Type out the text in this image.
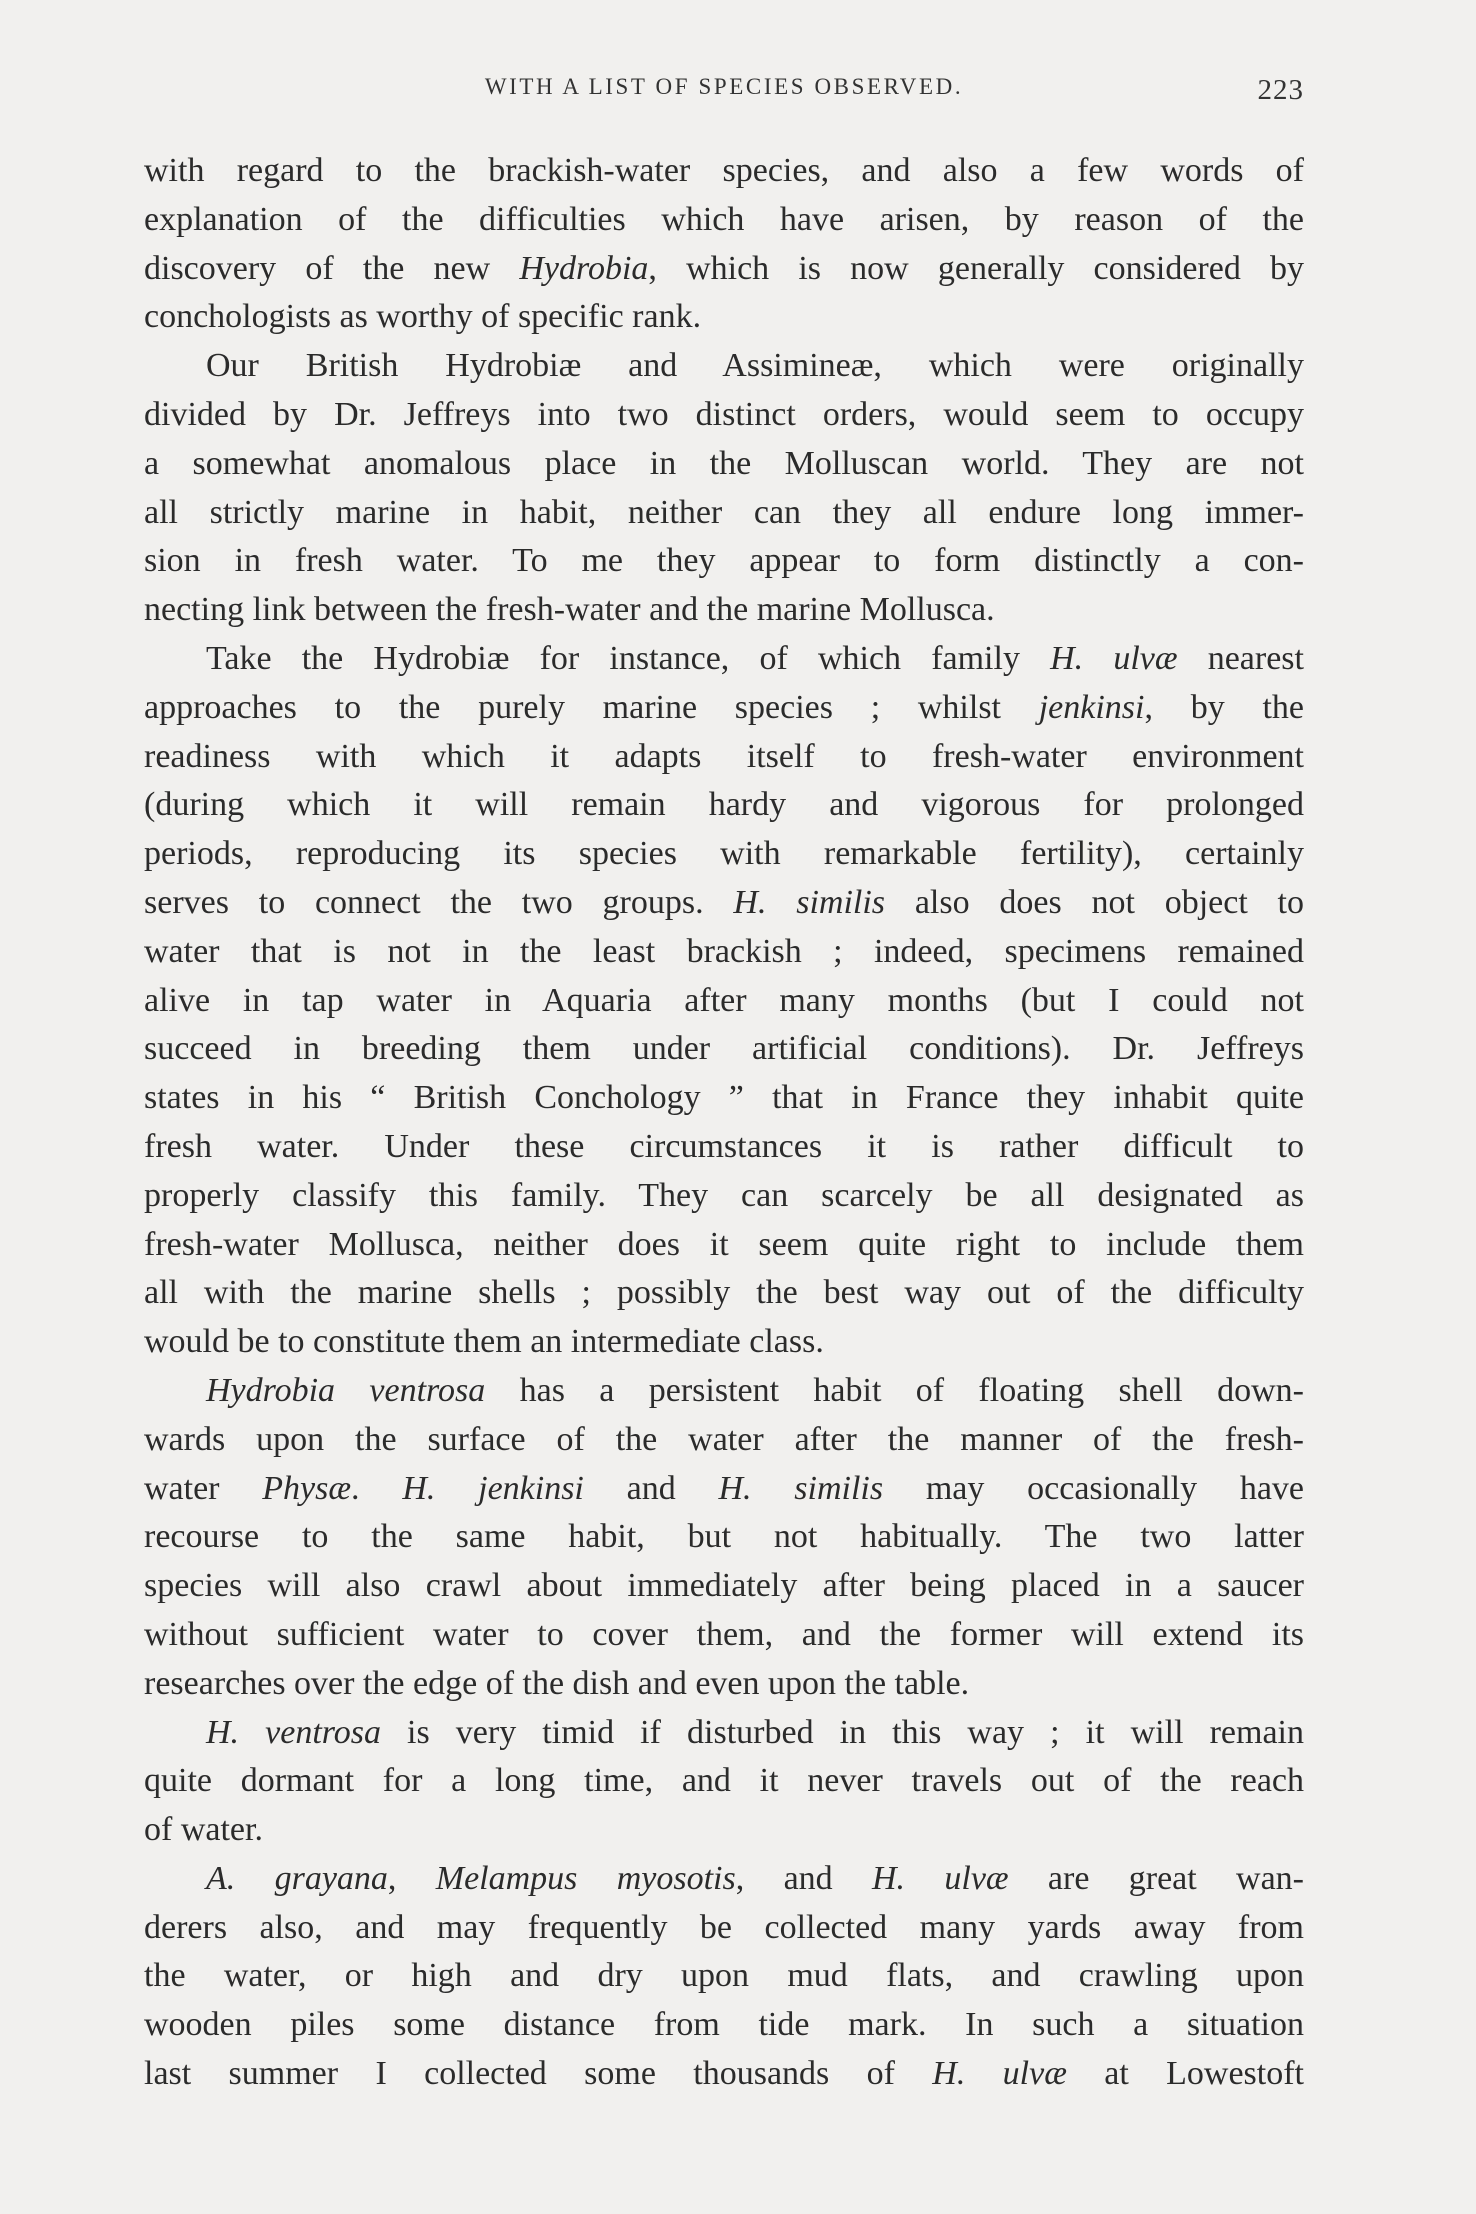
WITH A LIST OF SPECIES OBSERVED.	223
with regard to the brackish-water species, and also a few words of
explanation of the difficulties which have arisen, by reason of the
discovery of the new Hydrobia, which is now generally considered by
conchologists as worthy of specific rank.
Our British Hydrobiæ and Assimineæ, which were originally
divided by Dr. Jeffreys into two distinct orders, would seem to occupy
a somewhat anomalous place in the Molluscan world. They are not
all strictly marine in habit, neither can they all endure long immer-
sion in fresh water. To me they appear to form distinctly a con-
necting link between the fresh-water and the marine Mollusca.
Take the Hydrobiæ for instance, of which family H. ulvæ nearest
approaches to the purely marine species ; whilst jenkinsi, by the
readiness with which it adapts itself to fresh-water environment
(during which it will remain hardy and vigorous for prolonged
periods, reproducing its species with remarkable fertility), certainly
serves to connect the two groups. H. similis also does not object to
water that is not in the least brackish ; indeed, specimens remained
alive in tap water in Aquaria after many months (but I could not
succeed in breeding them under artificial conditions). Dr. Jeffreys
states in his “ British Conchology ” that in France they inhabit quite
fresh water. Under these circumstances it is rather difficult to
properly classify this family. They can scarcely be all designated as
fresh-water Mollusca, neither does it seem quite right to include them
all with the marine shells ; possibly the best way out of the difficulty
would be to constitute them an intermediate class.
Hydrobia ventrosa has a persistent habit of floating shell down-
wards upon the surface of the water after the manner of the fresh-
water Physæ. H. jenkinsi and H. similis may occasionally have
recourse to the same habit, but not habitually. The two latter
species will also crawl about immediately after being placed in a saucer
without sufficient water to cover them, and the former will extend its
researches over the edge of the dish and even upon the table.
H. ventrosa is very timid if disturbed in this way ; it will remain
quite dormant for a long time, and it never travels out of the reach
of water.
A. grayana, Melampus myosotis, and H. ulvæ are great wan-
derers also, and may frequently be collected many yards away from
the water, or high and dry upon mud flats, and crawling upon
wooden piles some distance from tide mark. In such a situation
last summer I collected some thousands of H. ulvæ at Lowestoft
